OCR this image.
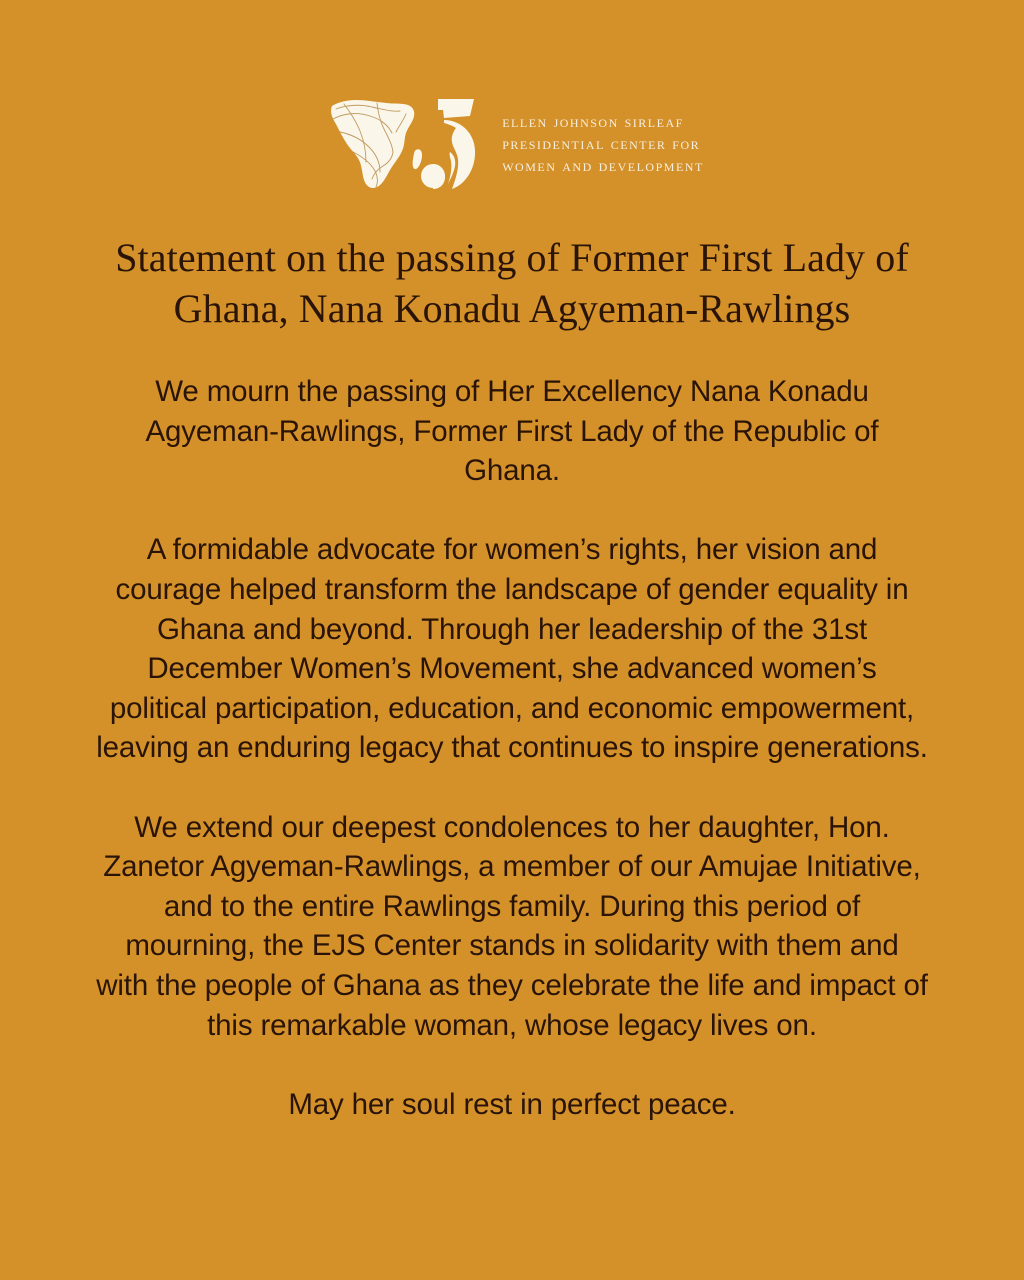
ellen johnson sirleaf
presidential center for
women and development
Statement on the passing of Former First Lady of Ghana, Nana Konadu Agyeman-Rawlings

We mourn the passing of Her Excellency Nana Konadu Agyeman-Rawlings, Former First Lady of the Republic of Ghana.

A formidable advocate for women’s rights, her vision and courage helped transform the landscape of gender equality in Ghana and beyond. Through her leadership of the 31st December Women’s Movement, she advanced women’s political participation, education, and economic empowerment, leaving an enduring legacy that continues to inspire generations.

We extend our deepest condolences to her daughter, Hon. Zanetor Agyeman-Rawlings, a member of our Amujae Initiative, and to the entire Rawlings family. During this period of mourning, the EJS Center stands in solidarity with them and with the people of Ghana as they celebrate the life and impact of this remarkable woman, whose legacy lives on.

May her soul rest in perfect peace.
